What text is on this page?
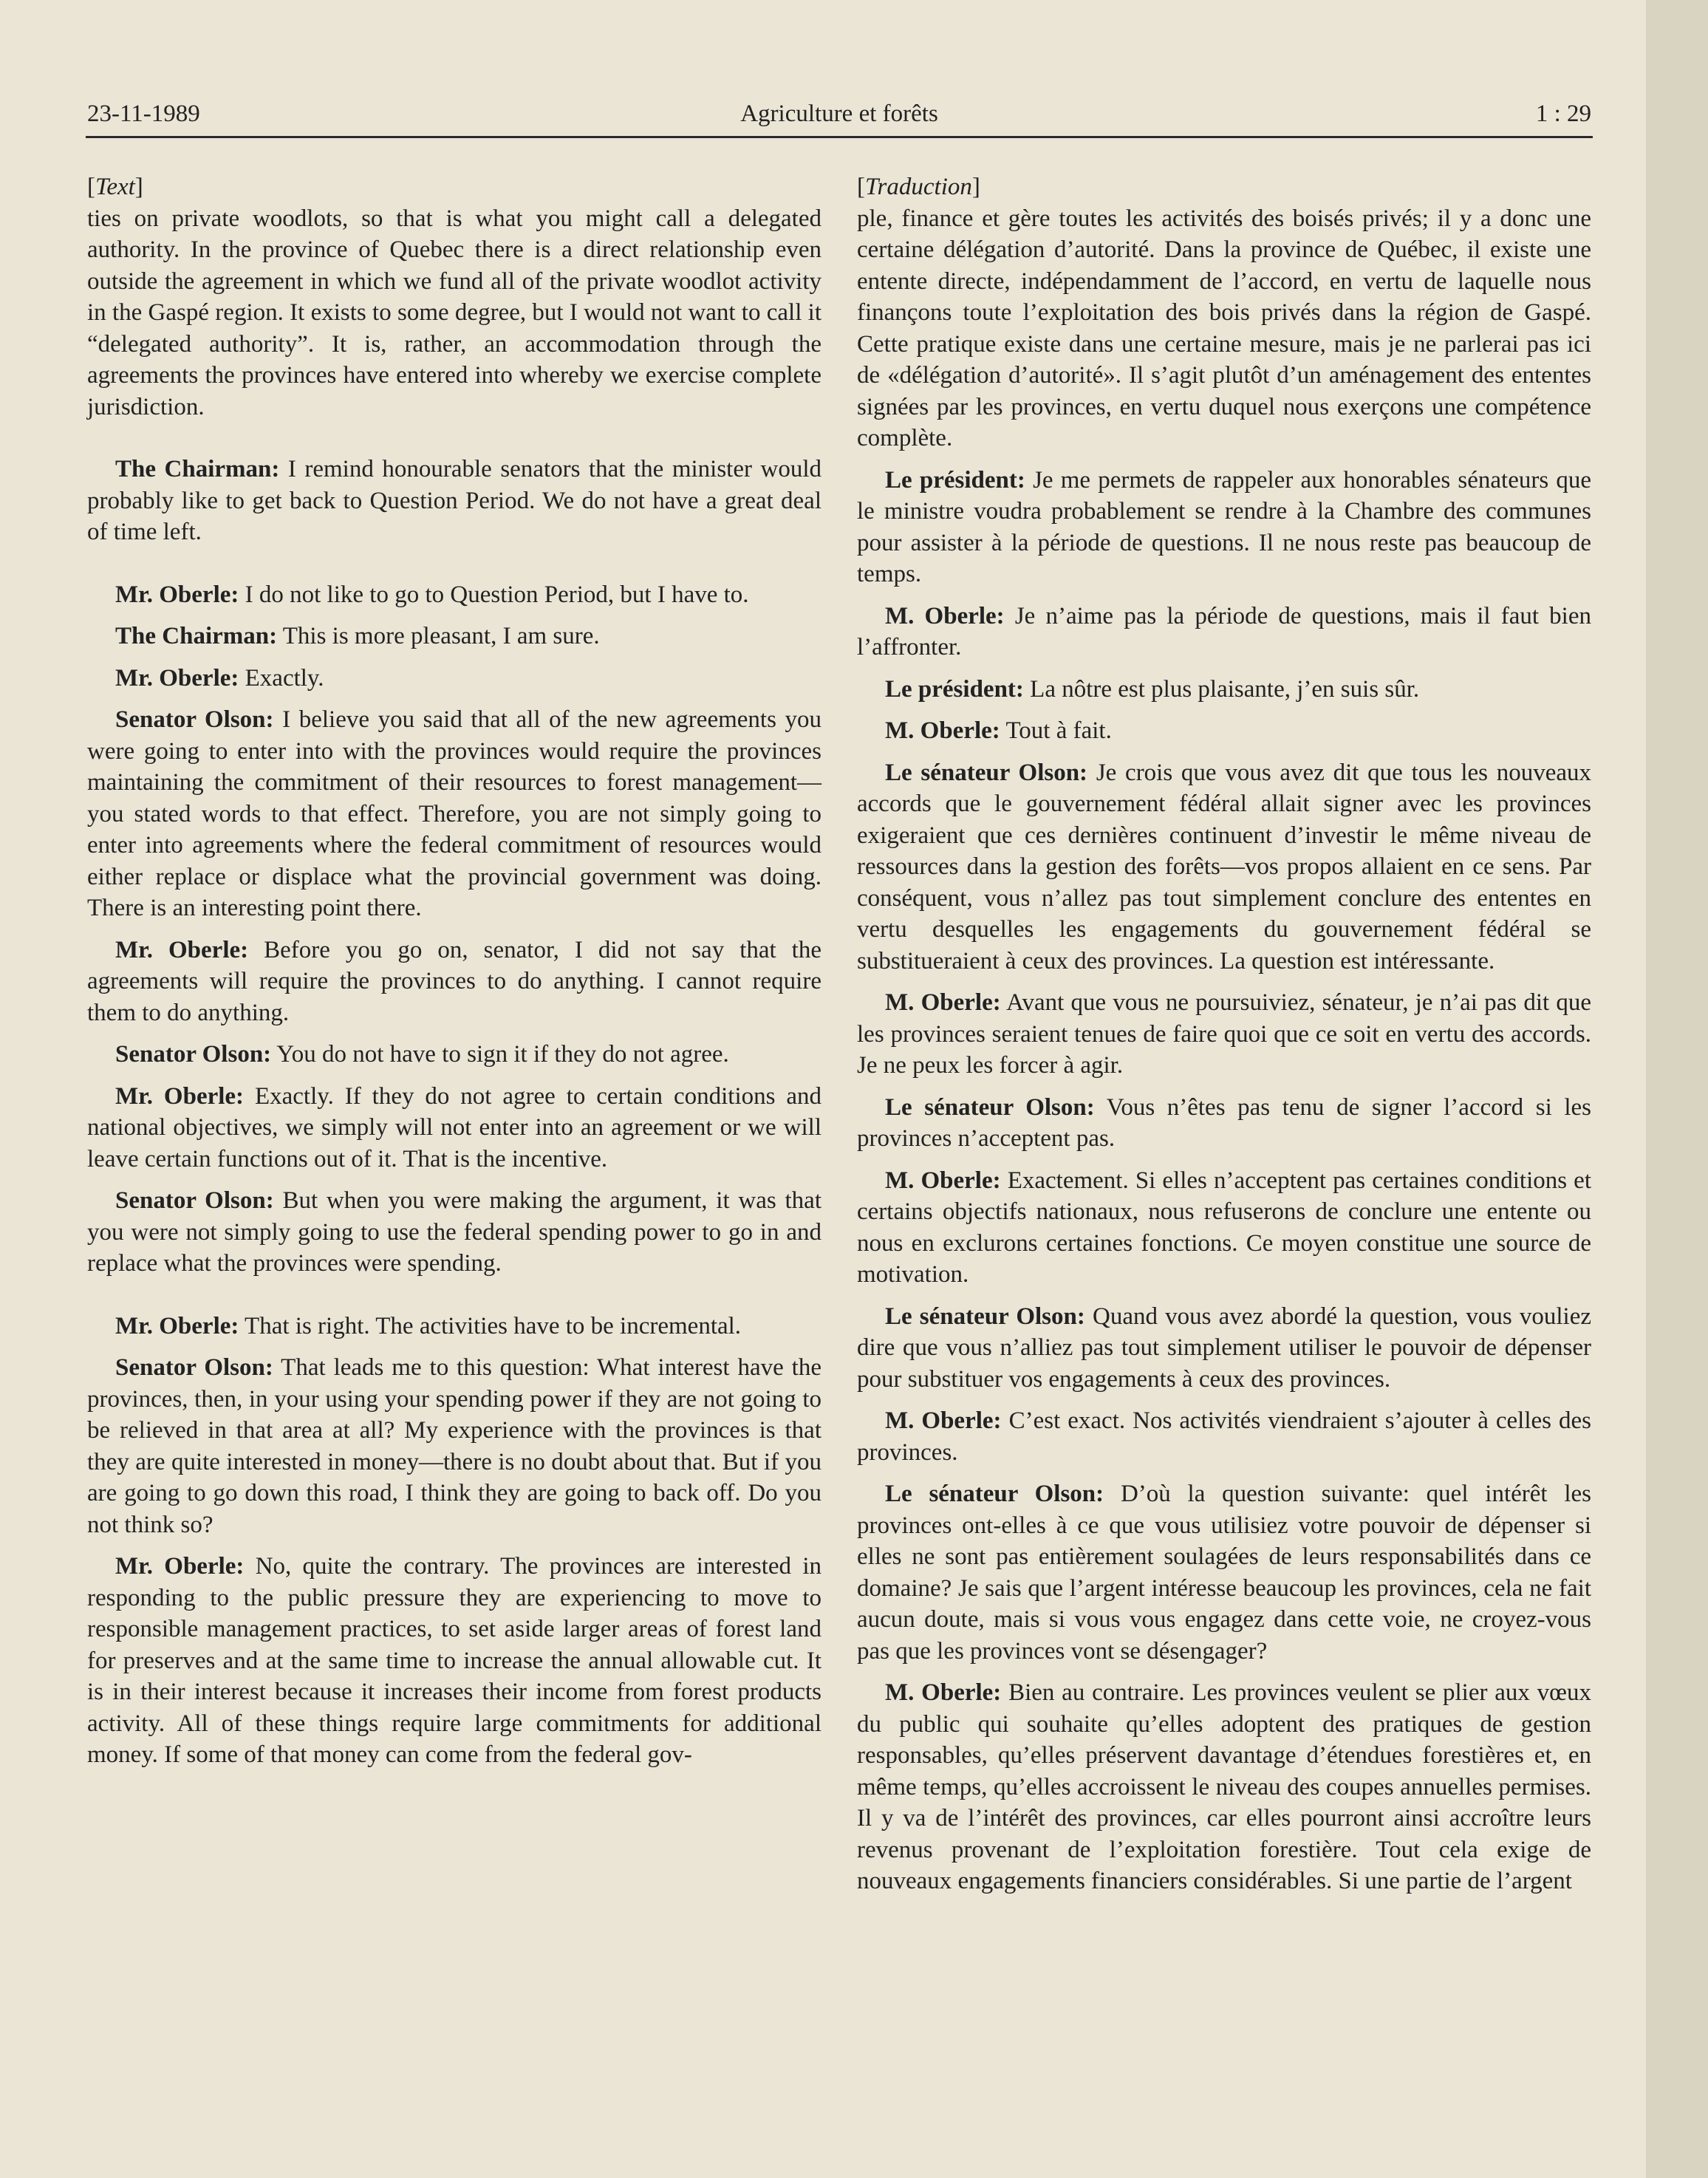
23-11-1989	Agriculture et forêts	1 : 29

[Text]

ties on private woodlots, so that is what you might call a delegated authority. In the province of Quebec there is a direct relationship even outside the agreement in which we fund all of the private woodlot activity in the Gaspé region. It exists to some degree, but I would not want to call it “delegated authority”. It is, rather, an accommodation through the agreements the provinces have entered into whereby we exercise complete jurisdiction.

The Chairman: I remind honourable senators that the minister would probably like to get back to Question Period. We do not have a great deal of time left.

Mr. Oberle: I do not like to go to Question Period, but I have to.

The Chairman: This is more pleasant, I am sure.

Mr. Oberle: Exactly.

Senator Olson: I believe you said that all of the new agreements you were going to enter into with the provinces would require the provinces maintaining the commitment of their resources to forest management—you stated words to that effect. Therefore, you are not simply going to enter into agreements where the federal commitment of resources would either replace or displace what the provincial government was doing. There is an interesting point there.

Mr. Oberle: Before you go on, senator, I did not say that the agreements will require the provinces to do anything. I cannot require them to do anything.

Senator Olson: You do not have to sign it if they do not agree.

Mr. Oberle: Exactly. If they do not agree to certain conditions and national objectives, we simply will not enter into an agreement or we will leave certain functions out of it. That is the incentive.

Senator Olson: But when you were making the argument, it was that you were not simply going to use the federal spending power to go in and replace what the provinces were spending.

Mr. Oberle: That is right. The activities have to be incremental.

Senator Olson: That leads me to this question: What interest have the provinces, then, in your using your spending power if they are not going to be relieved in that area at all? My experience with the provinces is that they are quite interested in money—there is no doubt about that. But if you are going to go down this road, I think they are going to back off. Do you not think so?

Mr. Oberle: No, quite the contrary. The provinces are interested in responding to the public pressure they are experiencing to move to responsible management practices, to set aside larger areas of forest land for preserves and at the same time to increase the annual allowable cut. It is in their interest because it increases their income from forest products activity. All of these things require large commitments for additional money. If some of that money can come from the federal gov-

[Traduction]

ple, finance et gère toutes les activités des boisés privés; il y a donc une certaine délégation d’autorité. Dans la province de Québec, il existe une entente directe, indépendamment de l’accord, en vertu de laquelle nous finançons toute l’exploitation des bois privés dans la région de Gaspé. Cette pratique existe dans une certaine mesure, mais je ne parlerai pas ici de «délégation d’autorité». Il s’agit plutôt d’un aménagement des ententes signées par les provinces, en vertu duquel nous exerçons une compétence complète.

Le président: Je me permets de rappeler aux honorables sénateurs que le ministre voudra probablement se rendre à la Chambre des communes pour assister à la période de questions. Il ne nous reste pas beaucoup de temps.

M. Oberle: Je n’aime pas la période de questions, mais il faut bien l’affronter.

Le président: La nôtre est plus plaisante, j’en suis sûr.

M. Oberle: Tout à fait.

Le sénateur Olson: Je crois que vous avez dit que tous les nouveaux accords que le gouvernement fédéral allait signer avec les provinces exigeraient que ces dernières continuent d’investir le même niveau de ressources dans la gestion des forêts—vos propos allaient en ce sens. Par conséquent, vous n’allez pas tout simplement conclure des ententes en vertu desquelles les engagements du gouvernement fédéral se substitueraient à ceux des provinces. La question est intéressante.

M. Oberle: Avant que vous ne poursuiviez, sénateur, je n’ai pas dit que les provinces seraient tenues de faire quoi que ce soit en vertu des accords. Je ne peux les forcer à agir.

Le sénateur Olson: Vous n’êtes pas tenu de signer l’accord si les provinces n’acceptent pas.

M. Oberle: Exactement. Si elles n’acceptent pas certaines conditions et certains objectifs nationaux, nous refuserons de conclure une entente ou nous en exclurons certaines fonctions. Ce moyen constitue une source de motivation.

Le sénateur Olson: Quand vous avez abordé la question, vous vouliez dire que vous n’alliez pas tout simplement utiliser le pouvoir de dépenser pour substituer vos engagements à ceux des provinces.

M. Oberle: C’est exact. Nos activités viendraient s’ajouter à celles des provinces.

Le sénateur Olson: D’où la question suivante: quel intérêt les provinces ont-elles à ce que vous utilisiez votre pouvoir de dépenser si elles ne sont pas entièrement soulagées de leurs responsabilités dans ce domaine? Je sais que l’argent intéresse beaucoup les provinces, cela ne fait aucun doute, mais si vous vous engagez dans cette voie, ne croyez-vous pas que les provinces vont se désengager?

M. Oberle: Bien au contraire. Les provinces veulent se plier aux vœux du public qui souhaite qu’elles adoptent des pratiques de gestion responsables, qu’elles préservent davantage d’étendues forestières et, en même temps, qu’elles accroissent le niveau des coupes annuelles permises. Il y va de l’intérêt des provinces, car elles pourront ainsi accroître leurs revenus provenant de l’exploitation forestière. Tout cela exige de nouveaux engagements financiers considérables. Si une partie de l’argent
